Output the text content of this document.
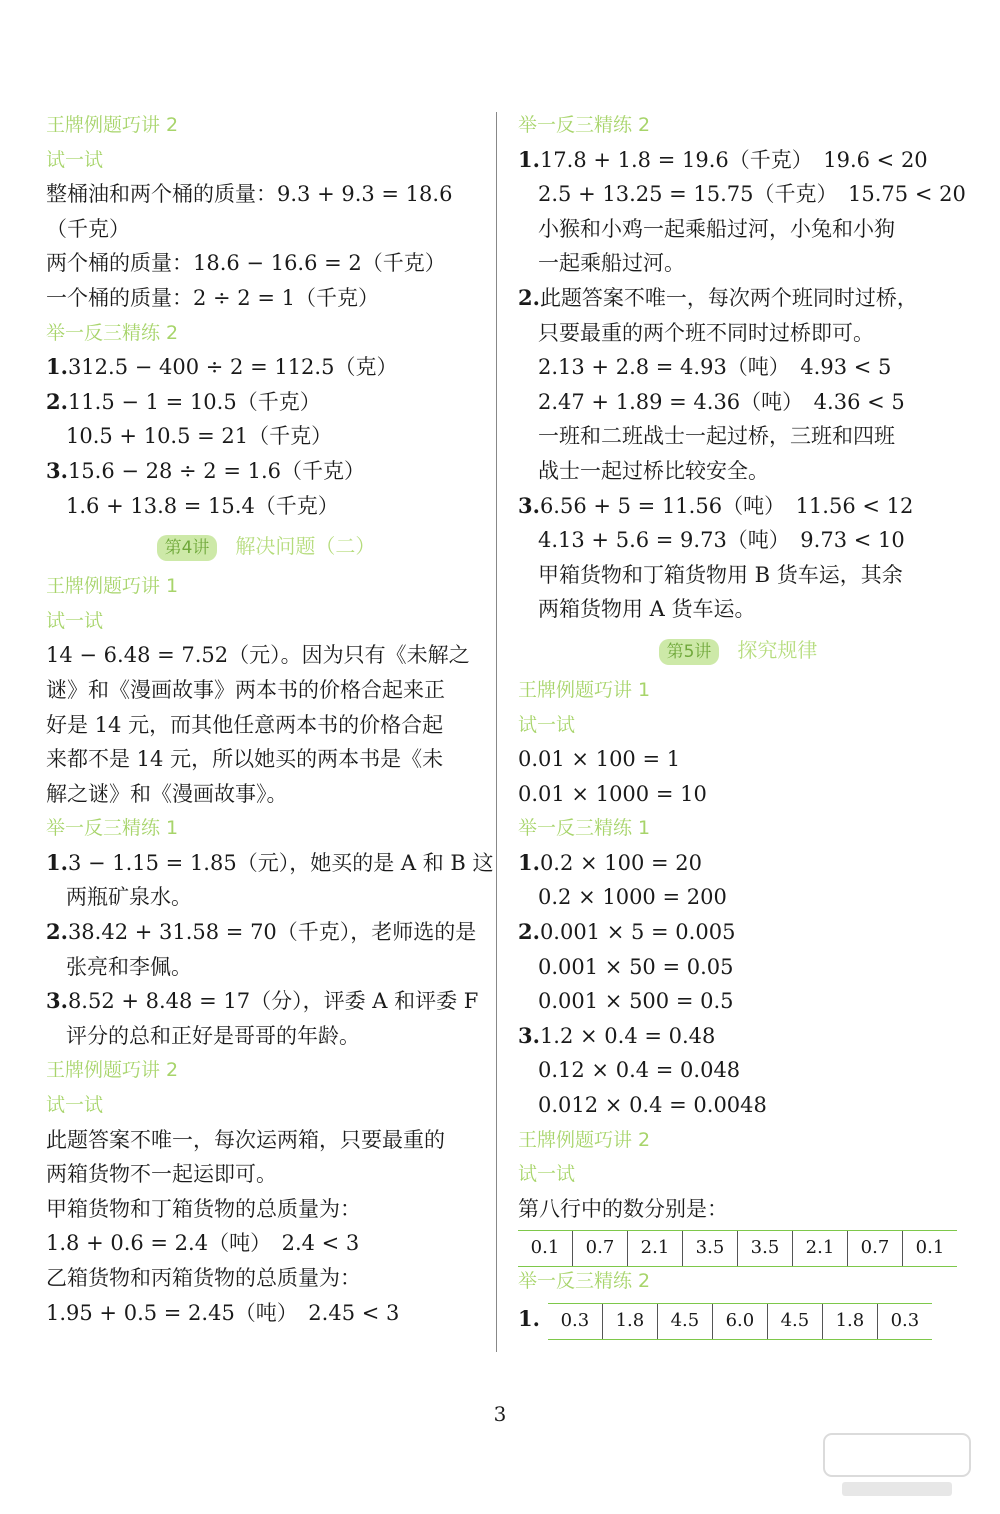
王牌例题巧讲 2
试一试
整桶油和两个桶的质量：9.3 + 9.3 = 18.6
（千克）
两个桶的质量：18.6 − 16.6 = 2（千克）
一个桶的质量：2 ÷ 2 = 1（千克）
举一反三精练 2
1.312.5 − 400 ÷ 2 = 112.5（克）
2.11.5 − 1 = 10.5（千克）
10.5 + 10.5 = 21（千克）
3.15.6 − 28 ÷ 2 = 1.6（千克）
1.6 + 13.8 = 15.4（千克）
第4讲 解决问题（二）
王牌例题巧讲 1
试一试
14 − 6.48 = 7.52（元）。因为只有《未解之
谜》和《漫画故事》两本书的价格合起来正
好是 14 元，而其他任意两本书的价格合起
来都不是 14 元，所以她买的两本书是《未
解之谜》和《漫画故事》。
举一反三精练 1
1.3 − 1.15 = 1.85（元），她买的是 A 和 B 这
两瓶矿泉水。
2.38.42 + 31.58 = 70（千克），老师选的是
张亮和李佩。
3.8.52 + 8.48 = 17（分），评委 A 和评委 F
评分的总和正好是哥哥的年龄。
王牌例题巧讲 2
试一试
此题答案不唯一，每次运两箱，只要最重的
两箱货物不一起运即可。
甲箱货物和丁箱货物的总质量为：
1.8 + 0.6 = 2.4（吨）　2.4 < 3
乙箱货物和丙箱货物的总质量为：
1.95 + 0.5 = 2.45（吨）　2.45 < 3
举一反三精练 2
1.17.8 + 1.8 = 19.6（千克）　19.6 < 20
2.5 + 13.25 = 15.75（千克）　15.75 < 20
小猴和小鸡一起乘船过河，小兔和小狗
一起乘船过河。
2.此题答案不唯一，每次两个班同时过桥，
只要最重的两个班不同时过桥即可。
2.13 + 2.8 = 4.93（吨）　4.93 < 5
2.47 + 1.89 = 4.36（吨）　4.36 < 5
一班和二班战士一起过桥，三班和四班
战士一起过桥比较安全。
3.6.56 + 5 = 11.56（吨）　11.56 < 12
4.13 + 5.6 = 9.73（吨）　9.73 < 10
甲箱货物和丁箱货物用 B 货车运，其余
两箱货物用 A 货车运。
第5讲 探究规律
王牌例题巧讲 1
试一试
0.01 × 100 = 1
0.01 × 1000 = 10
举一反三精练 1
1.0.2 × 100 = 20
0.2 × 1000 = 200
2.0.001 × 5 = 0.005
0.001 × 50 = 0.05
0.001 × 500 = 0.5
3.1.2 × 0.4 = 0.48
0.12 × 0.4 = 0.048
0.012 × 0.4 = 0.0048
王牌例题巧讲 2
试一试
第八行中的数分别是：
0.1	0.7	2.1	3.5	3.5	2.1	0.7	0.1
举一反三精练 2
1. 0.3	1.8	4.5	6.0	4.5	1.8	0.3
3
